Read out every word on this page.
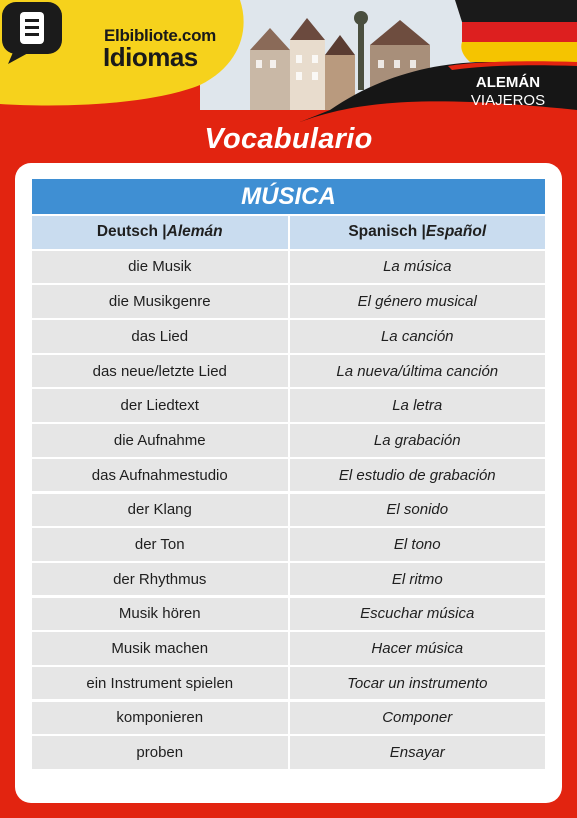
Elbibliote.com
Idiomas
ALEMÁN
VIAJEROS
Vocabulario
MÚSICA
Deutsch | Alemán	Spanisch | Español
die Musik	La música
die Musikgenre	El género musical
das Lied	La canción
das neue/letzte Lied	La nueva/última canción
der Liedtext	La letra
die Aufnahme	La grabación
das Aufnahmestudio	El estudio de grabación
der Klang	El sonido
der Ton	El tono
der Rhythmus	El ritmo
Musik hören	Escuchar música
Musik machen	Hacer música
ein Instrument spielen	Tocar un instrumento
komponieren	Componer
proben	Ensayar
